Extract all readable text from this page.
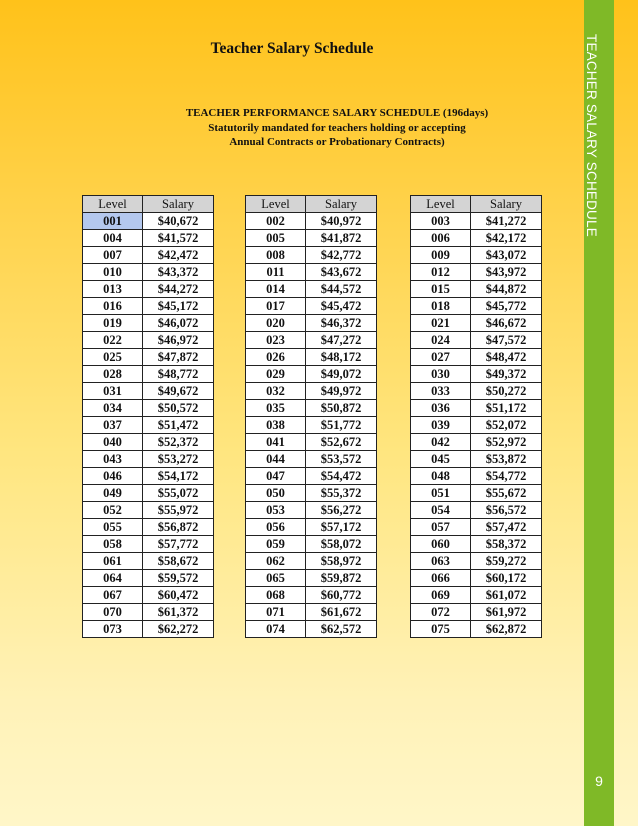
TEACHER SALARY SCHEDULE
9
Teacher Salary Schedule
TEACHER PERFORMANCE SALARY SCHEDULE (196days)
Statutorily mandated for teachers holding or accepting
Annual Contracts or Probationary Contracts)
Level	Salary
001	$40,672
004	$41,572
007	$42,472
010	$43,372
013	$44,272
016	$45,172
019	$46,072
022	$46,972
025	$47,872
028	$48,772
031	$49,672
034	$50,572
037	$51,472
040	$52,372
043	$53,272
046	$54,172
049	$55,072
052	$55,972
055	$56,872
058	$57,772
061	$58,672
064	$59,572
067	$60,472
070	$61,372
073	$62,272
Level	Salary
002	$40,972
005	$41,872
008	$42,772
011	$43,672
014	$44,572
017	$45,472
020	$46,372
023	$47,272
026	$48,172
029	$49,072
032	$49,972
035	$50,872
038	$51,772
041	$52,672
044	$53,572
047	$54,472
050	$55,372
053	$56,272
056	$57,172
059	$58,072
062	$58,972
065	$59,872
068	$60,772
071	$61,672
074	$62,572
Level	Salary
003	$41,272
006	$42,172
009	$43,072
012	$43,972
015	$44,872
018	$45,772
021	$46,672
024	$47,572
027	$48,472
030	$49,372
033	$50,272
036	$51,172
039	$52,072
042	$52,972
045	$53,872
048	$54,772
051	$55,672
054	$56,572
057	$57,472
060	$58,372
063	$59,272
066	$60,172
069	$61,072
072	$61,972
075	$62,872
